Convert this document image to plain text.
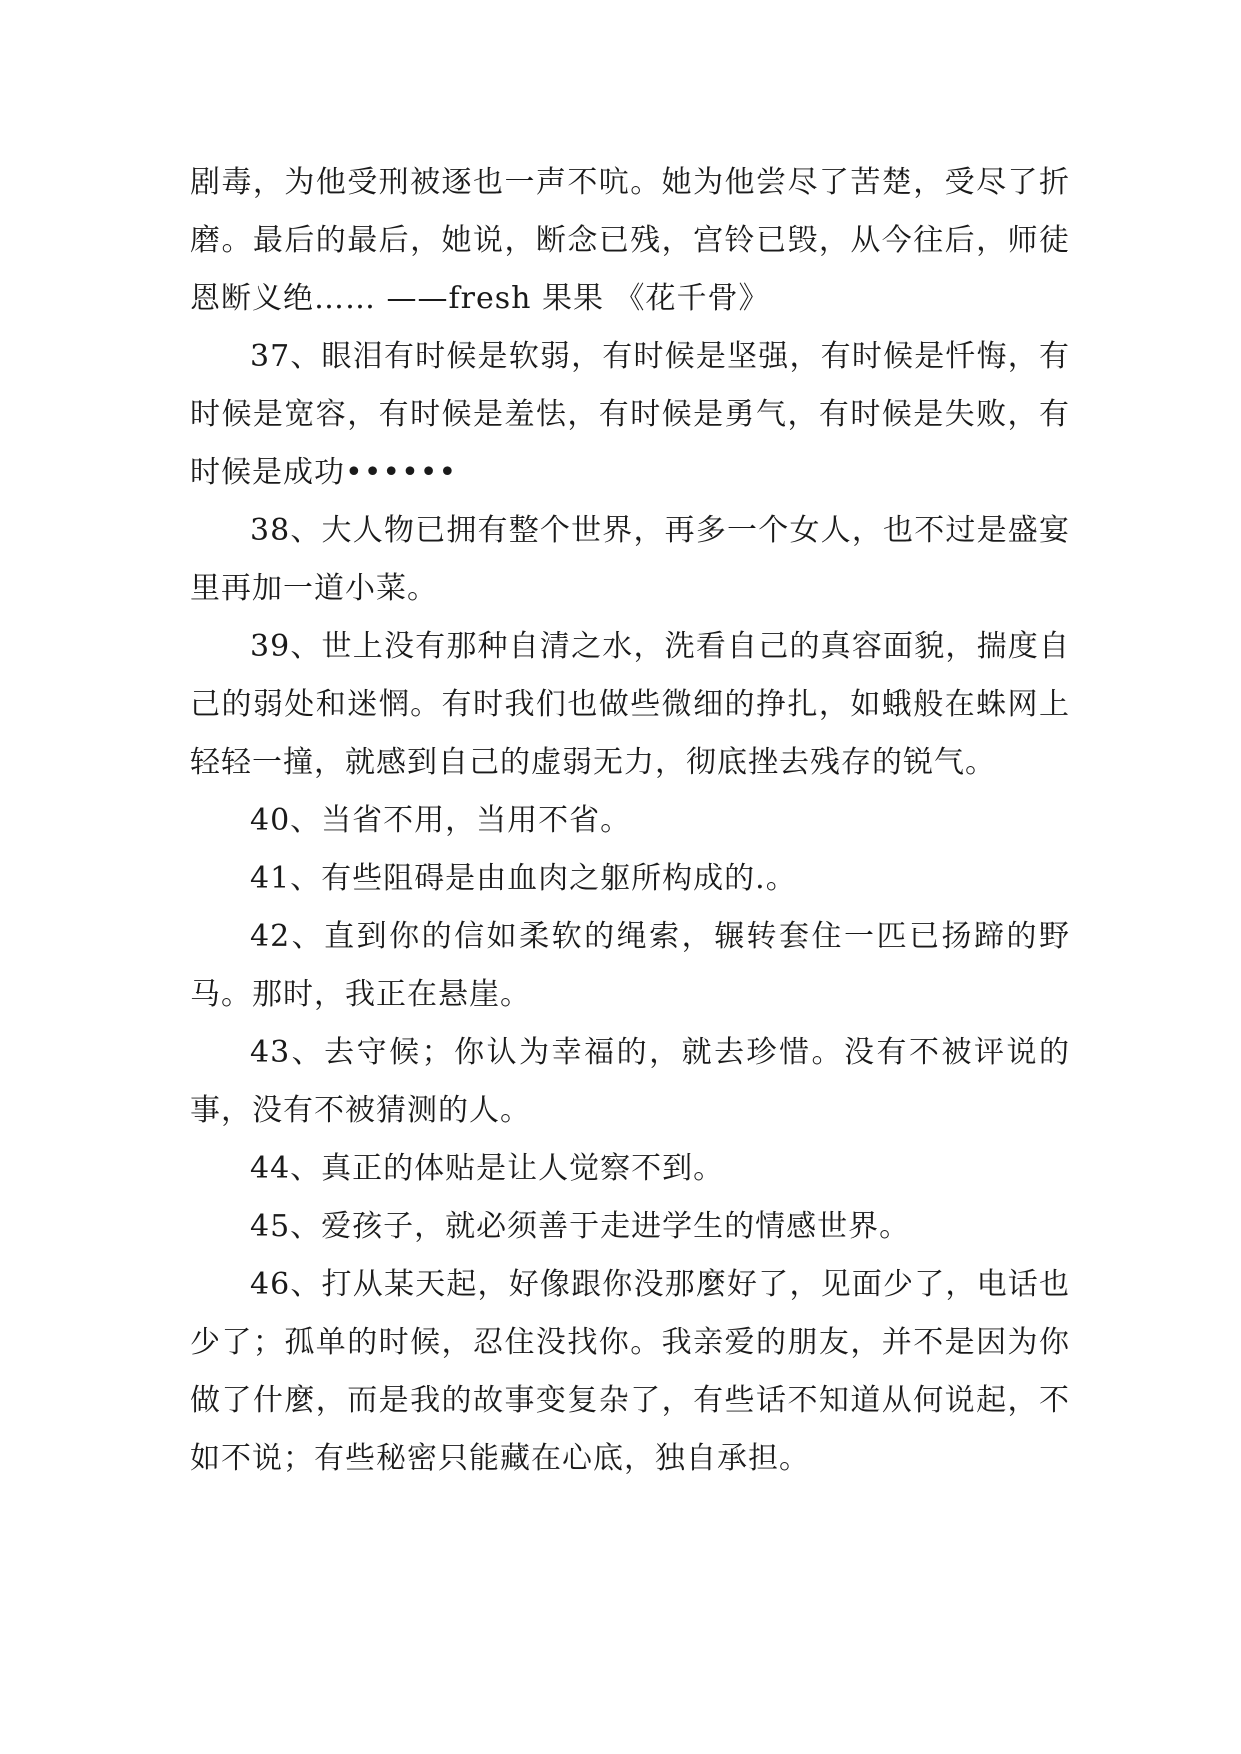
剧毒，为他受刑被逐也一声不吭。她为他尝尽了苦楚，受尽了折磨。最后的最后，她说，断念已残，宫铃已毁，从今往后，师徒恩断义绝…… ——fresh 果果 《花千骨》

37、眼泪有时候是软弱，有时候是坚强，有时候是忏悔，有时候是宽容，有时候是羞怯，有时候是勇气，有时候是失败，有时候是成功••••••

38、大人物已拥有整个世界，再多一个女人，也不过是盛宴里再加一道小菜。

39、世上没有那种自清之水，洗看自己的真容面貌，揣度自己的弱处和迷惘。有时我们也做些微细的挣扎，如蛾般在蛛网上轻轻一撞，就感到自己的虚弱无力，彻底挫去残存的锐气。

40、当省不用，当用不省。

41、有些阻碍是由血肉之躯所构成的.。

42、直到你的信如柔软的绳索，辗转套住一匹已扬蹄的野马。那时，我正在悬崖。

43、去守候；你认为幸福的，就去珍惜。没有不被评说的事，没有不被猜测的人。

44、真正的体贴是让人觉察不到。

45、爱孩子，就必须善于走进学生的情感世界。

46、打从某天起，好像跟你没那麼好了，见面少了，电话也少了；孤单的时候，忍住没找你。我亲爱的朋友，并不是因为你做了什麼，而是我的故事变复杂了，有些话不知道从何说起，不如不说；有些秘密只能藏在心底，独自承担。
